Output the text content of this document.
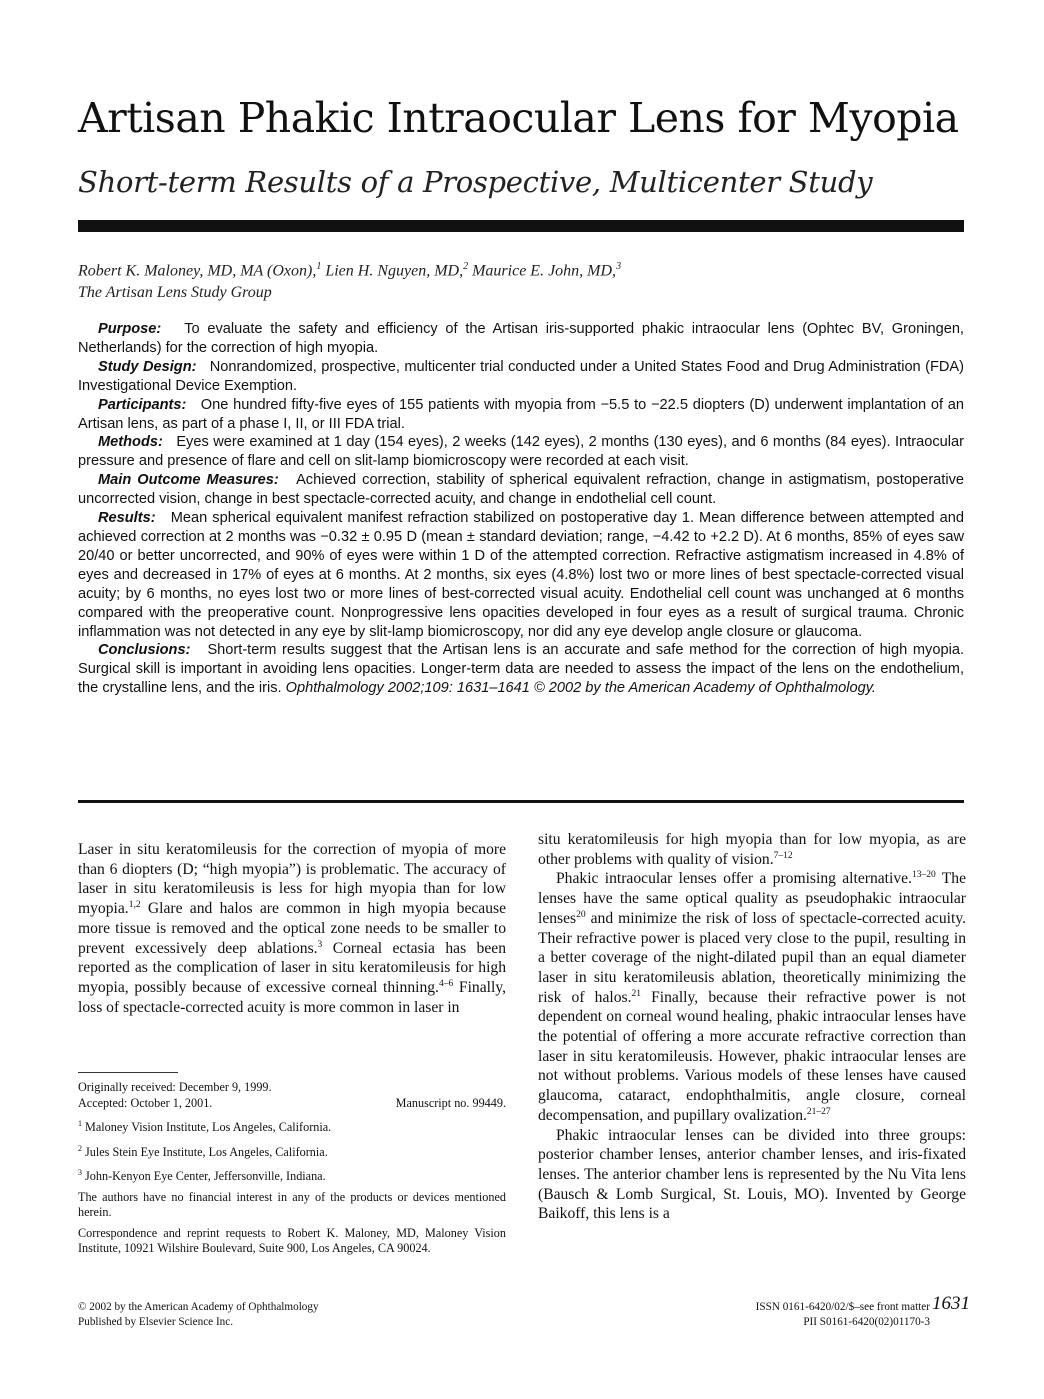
Artisan Phakic Intraocular Lens for Myopia
Short-term Results of a Prospective, Multicenter Study
Robert K. Maloney, MD, MA (Oxon),$^1$ Lien H. Nguyen, MD,$^2$ Maurice E. John, MD,$^3$
The Artisan Lens Study Group

Purpose: To evaluate the safety and efficiency of the Artisan iris-supported phakic intraocular lens (Ophtec BV, Groningen, Netherlands) for the correction of high myopia.

Study Design: Nonrandomized, prospective, multicenter trial conducted under a United States Food and Drug Administration (FDA) Investigational Device Exemption.

Participants: One hundred fifty-five eyes of 155 patients with myopia from −5.5 to −22.5 diopters (D) underwent implantation of an Artisan lens, as part of a phase I, II, or III FDA trial.

Methods: Eyes were examined at 1 day (154 eyes), 2 weeks (142 eyes), 2 months (130 eyes), and 6 months (84 eyes). Intraocular pressure and presence of flare and cell on slit-lamp biomicroscopy were recorded at each visit.

Main Outcome Measures: Achieved correction, stability of spherical equivalent refraction, change in astigmatism, postoperative uncorrected vision, change in best spectacle-corrected acuity, and change in endothelial cell count.

Results: Mean spherical equivalent manifest refraction stabilized on postoperative day 1. Mean difference between attempted and achieved correction at 2 months was −0.32 ± 0.95 D (mean ± standard deviation; range, −4.42 to +2.2 D). At 6 months, 85% of eyes saw 20/40 or better uncorrected, and 90% of eyes were within 1 D of the attempted correction. Refractive astigmatism increased in 4.8% of eyes and decreased in 17% of eyes at 6 months. At 2 months, six eyes (4.8%) lost two or more lines of best spectacle-corrected visual acuity; by 6 months, no eyes lost two or more lines of best-corrected visual acuity. Endothelial cell count was unchanged at 6 months compared with the preoperative count. Nonprogressive lens opacities developed in four eyes as a result of surgical trauma. Chronic inflammation was not detected in any eye by slit-lamp biomicroscopy, nor did any eye develop angle closure or glaucoma.

Conclusions: Short-term results suggest that the Artisan lens is an accurate and safe method for the correction of high myopia. Surgical skill is important in avoiding lens opacities. Longer-term data are needed to assess the impact of the lens on the endothelium, the crystalline lens, and the iris. Ophthalmology 2002;109: 1631–1641 © 2002 by the American Academy of Ophthalmology.

Laser in situ keratomileusis for the correction of myopia of more than 6 diopters (D; “high myopia”) is problematic. The accuracy of laser in situ keratomileusis is less for high myopia than for low myopia.$^{1,2}$ Glare and halos are common in high myopia because more tissue is removed and the optical zone needs to be smaller to prevent excessively deep ablations.$^3$ Corneal ectasia has been reported as the complication of laser in situ keratomileusis for high myopia, possibly because of excessive corneal thinning.$^{4-6}$ Finally, loss of spectacle-corrected acuity is more common in laser in

Originally received: December 9, 1999.

Accepted: October 1, 2001.	Manuscript no. 99449.

$^1$ Maloney Vision Institute, Los Angeles, California.

$^2$ Jules Stein Eye Institute, Los Angeles, California.

$^3$ John-Kenyon Eye Center, Jeffersonville, Indiana.

The authors have no financial interest in any of the products or devices mentioned herein.

Correspondence and reprint requests to Robert K. Maloney, MD, Maloney Vision Institute, 10921 Wilshire Boulevard, Suite 900, Los Angeles, CA 90024.

situ keratomileusis for high myopia than for low myopia, as are other problems with quality of vision.$^{7-12}$

Phakic intraocular lenses offer a promising alternative.$^{13-20}$ The lenses have the same optical quality as pseudophakic intraocular lenses$^{20}$ and minimize the risk of loss of spectacle-corrected acuity. Their refractive power is placed very close to the pupil, resulting in a better coverage of the night-dilated pupil than an equal diameter laser in situ keratomileusis ablation, theoretically minimizing the risk of halos.$^{21}$ Finally, because their refractive power is not dependent on corneal wound healing, phakic intraocular lenses have the potential of offering a more accurate refractive correction than laser in situ keratomileusis. However, phakic intraocular lenses are not without problems. Various models of these lenses have caused glaucoma, cataract, endophthalmitis, angle closure, corneal decompensation, and pupillary ovalization.$^{21-27}$

Phakic intraocular lenses can be divided into three groups: posterior chamber lenses, anterior chamber lenses, and iris-fixated lenses. The anterior chamber lens is represented by the Nu Vita lens (Bausch & Lomb Surgical, St. Louis, MO). Invented by George Baikoff, this lens is a

© 2002 by the American Academy of Ophthalmology
Published by Elsevier Science Inc.
ISSN 0161-6420/02/$–see front matter
PII S0161-6420(02)01170-3
1631
